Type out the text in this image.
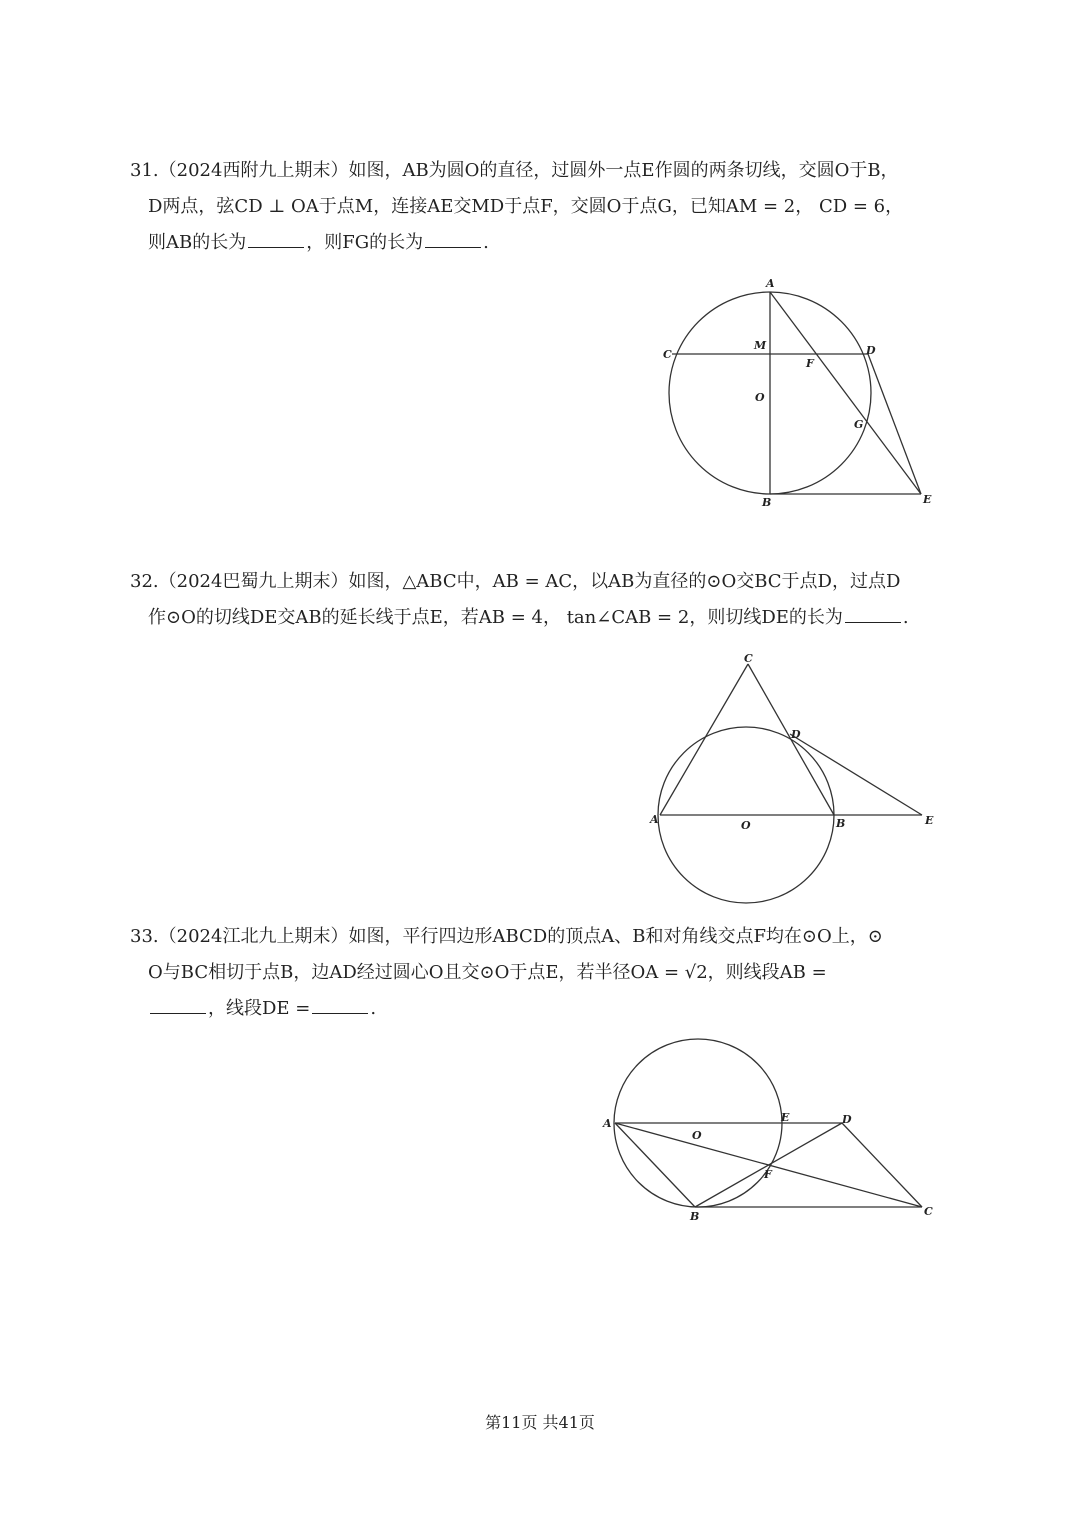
31.（2024西附九上期末）如图，AB为圆O的直径，过圆外一点E作圆的两条切线，交圆O于B，

D两点，弦CD ⊥ OA于点M，连接AE交MD于点F，交圆O于点G，已知AM = 2， CD = 6，

则AB的长为	，则FG的长为	.

A
M
C	D
F
O
G
B	E

32.（2024巴蜀九上期末）如图，△ABC中，AB = AC，以AB为直径的⊙O交BC于点D，过点D

作⊙O的切线DE交AB的延长线于点E，若AB = 4， tan∠CAB = 2，则切线DE的长为	.

C
D
A	O	B	E

33.（2024江北九上期末）如图，平行四边形ABCD的顶点A、B和对角线交点F均在⊙O上，⊙

O与BC相切于点B，边AD经过圆心O且交⊙O于点E，若半径OA = √2，则线段AB =

，线段DE =	.

A	E	D
O
F
B	C
第11页 共41页
